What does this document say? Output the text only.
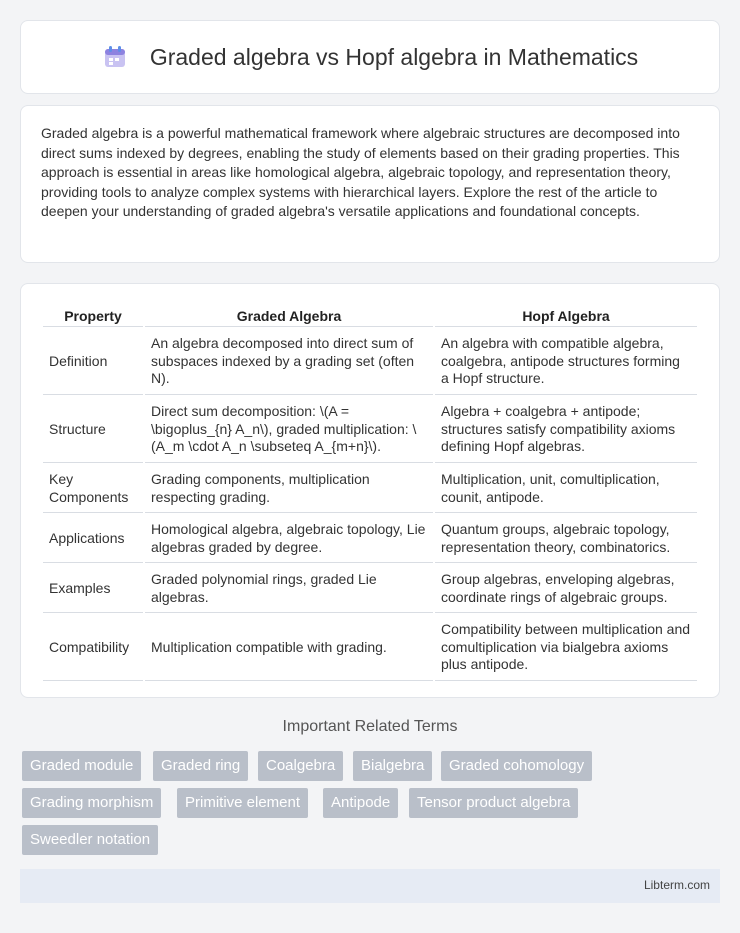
Graded algebra vs Hopf algebra in Mathematics

Graded algebra is a powerful mathematical framework where algebraic structures are decomposed into direct sums indexed by degrees, enabling the study of elements based on their grading properties. This approach is essential in areas like homological algebra, algebraic topology, and representation theory, providing tools to analyze complex systems with hierarchical layers. Explore the rest of the article to deepen your understanding of graded algebra's versatile applications and foundational concepts.

Property	Graded Algebra	Hopf Algebra
Definition	An algebra decomposed into direct sum of subspaces indexed by a grading set (often N).	An algebra with compatible algebra, coalgebra, antipode structures forming a Hopf structure.
Structure	Direct sum decomposition: \(A = \bigoplus_{n} A_n\), graded multiplication: \(A_m \cdot A_n \subseteq A_{m+n}\).	Algebra + coalgebra + antipode; structures satisfy compatibility axioms defining Hopf algebras.
Key Components	Grading components, multiplication respecting grading.	Multiplication, unit, comultiplication, counit, antipode.
Applications	Homological algebra, algebraic topology, Lie algebras graded by degree.	Quantum groups, algebraic topology, representation theory, combinatorics.
Examples	Graded polynomial rings, graded Lie algebras.	Group algebras, enveloping algebras, coordinate rings of algebraic groups.
Compatibility	Multiplication compatible with grading.	Compatibility between multiplication and comultiplication via bialgebra axioms plus antipode.
Important Related Terms
Graded module	Graded ring	Coalgebra	Bialgebra	Graded cohomology
Grading morphism	Primitive element	Antipode	Tensor product algebra
Sweedler notation
Libterm.com
